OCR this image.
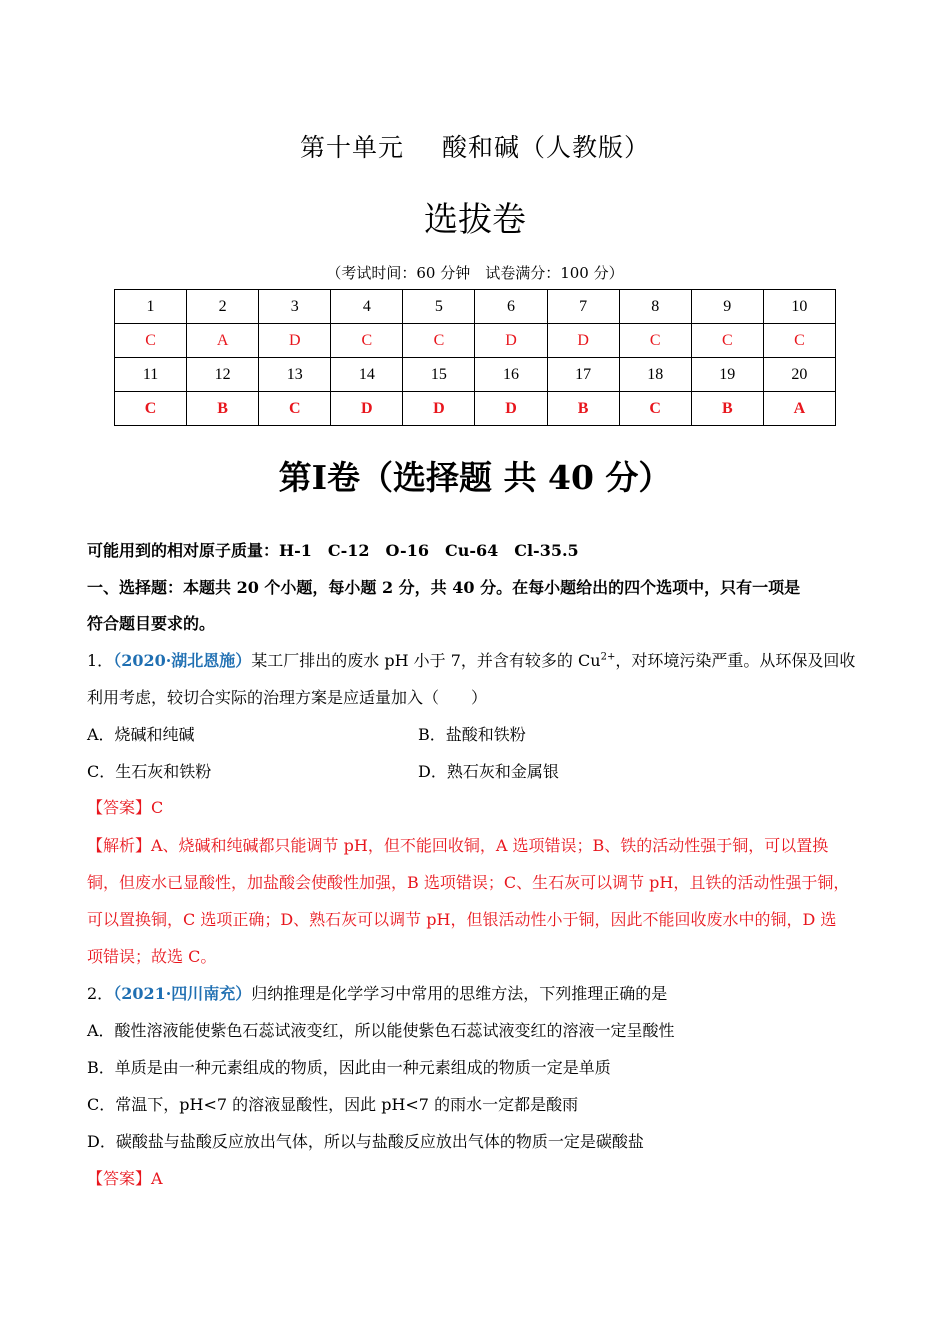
第十单元 酸和碱（人教版）
选拔卷
（考试时间：60 分钟　试卷满分：100 分）
1	2	3	4	5	6	7	8	9	10
C	A	D	C	C	D	D	C	C	C
11	12	13	14	15	16	17	18	19	20
C	B	C	D	D	D	B	C	B	A
第Ⅰ卷（选择题 共 40 分）
可能用到的相对原子质量：H-1　C-12　O-16　Cu-64　Cl-35.5
一、选择题：本题共 20 个小题，每小题 2 分，共 40 分。在每小题给出的四个选项中，只有一项是
符合题目要求的。
1．（2020·湖北恩施）某工厂排出的废水 pH 小于 7，并含有较多的 $Cu^{2+}$，对环境污染严重。从环保及回收
利用考虑，较切合实际的治理方案是应适量加入（　　）
A．烧碱和纯碱	B．盐酸和铁粉
C．生石灰和铁粉	D．熟石灰和金属银
【答案】C
【解析】A、烧碱和纯碱都只能调节 pH，但不能回收铜，A 选项错误；B、铁的活动性强于铜，可以置换
铜，但废水已显酸性，加盐酸会使酸性加强，B 选项错误；C、生石灰可以调节 pH，且铁的活动性强于铜，
可以置换铜，C 选项正确；D、熟石灰可以调节 pH，但银活动性小于铜，因此不能回收废水中的铜，D 选
项错误；故选 C。
2．（2021·四川南充）归纳推理是化学学习中常用的思维方法，下列推理正确的是
A．酸性溶液能使紫色石蕊试液变红，所以能使紫色石蕊试液变红的溶液一定呈酸性
B．单质是由一种元素组成的物质，因此由一种元素组成的物质一定是单质
C．常温下，pH<7 的溶液显酸性，因此 pH<7 的雨水一定都是酸雨
D．碳酸盐与盐酸反应放出气体，所以与盐酸反应放出气体的物质一定是碳酸盐
【答案】A
